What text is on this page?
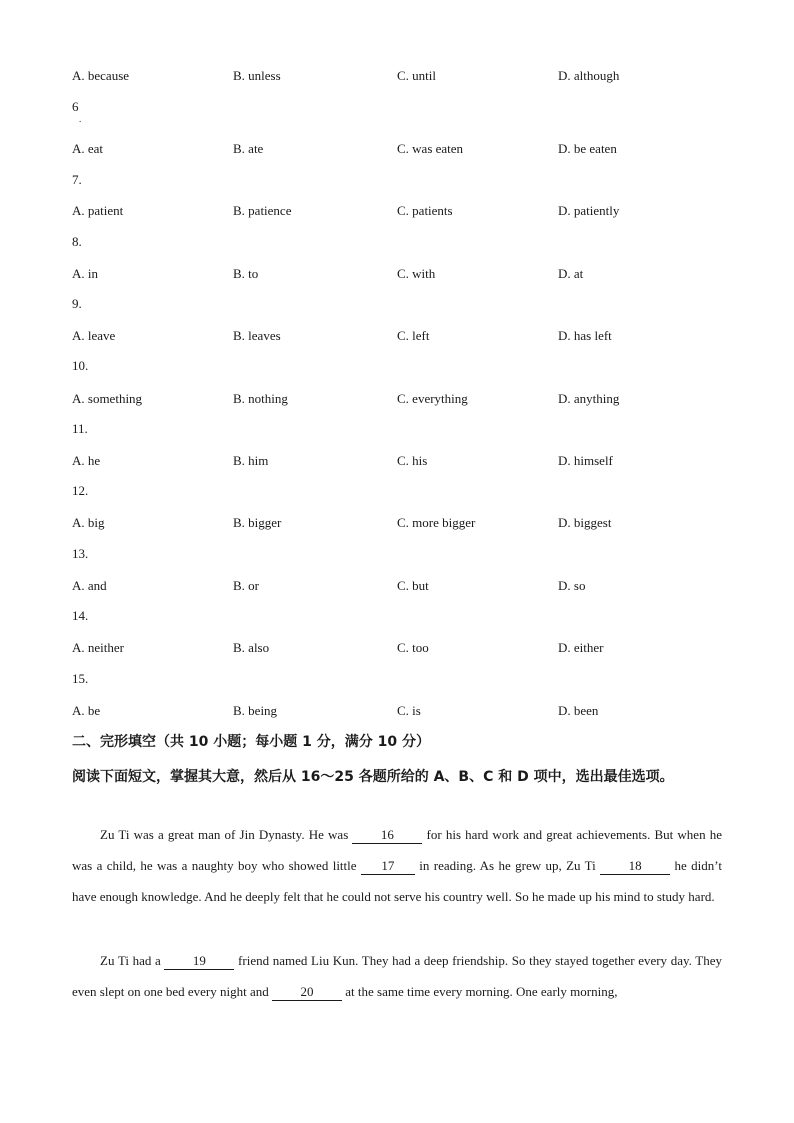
A. because	B. unless	C. until	D. although
6
.
A. eat	B. ate	C. was eaten	D. be eaten
7.
A. patient	B. patience	C. patients	D. patiently
8.
A. in	B. to	C. with	D. at
9.
A. leave	B. leaves	C. left	D. has left
10.
A. something	B. nothing	C. everything	D. anything
11.
A. he	B. him	C. his	D. himself
12.
A. big	B. bigger	C. more bigger	D. biggest
13.
A. and	B. or	C. but	D. so
14.
A. neither	B. also	C. too	D. either
15.
A. be	B. being	C. is	D. been
二、完形填空（共 10 小题；每小题 1 分，满分 10 分）
阅读下面短文，掌握其大意，然后从 16～25 各题所给的 A、B、C 和 D 项中，选出最佳选项。
Zu Ti was a great man of Jin Dynasty. He was 16 for his hard work and great achievements. But when he was a child, he was a naughty boy who showed little 17 in reading. As he grew up, Zu Ti 18 he didn’t have enough knowledge. And he deeply felt that he could not serve his country well. So he made up his mind to study hard.
Zu Ti had a 19 friend named Liu Kun. They had a deep friendship. So they stayed together every day. They even slept on one bed every night and 20 at the same time every morning. One early morning,
